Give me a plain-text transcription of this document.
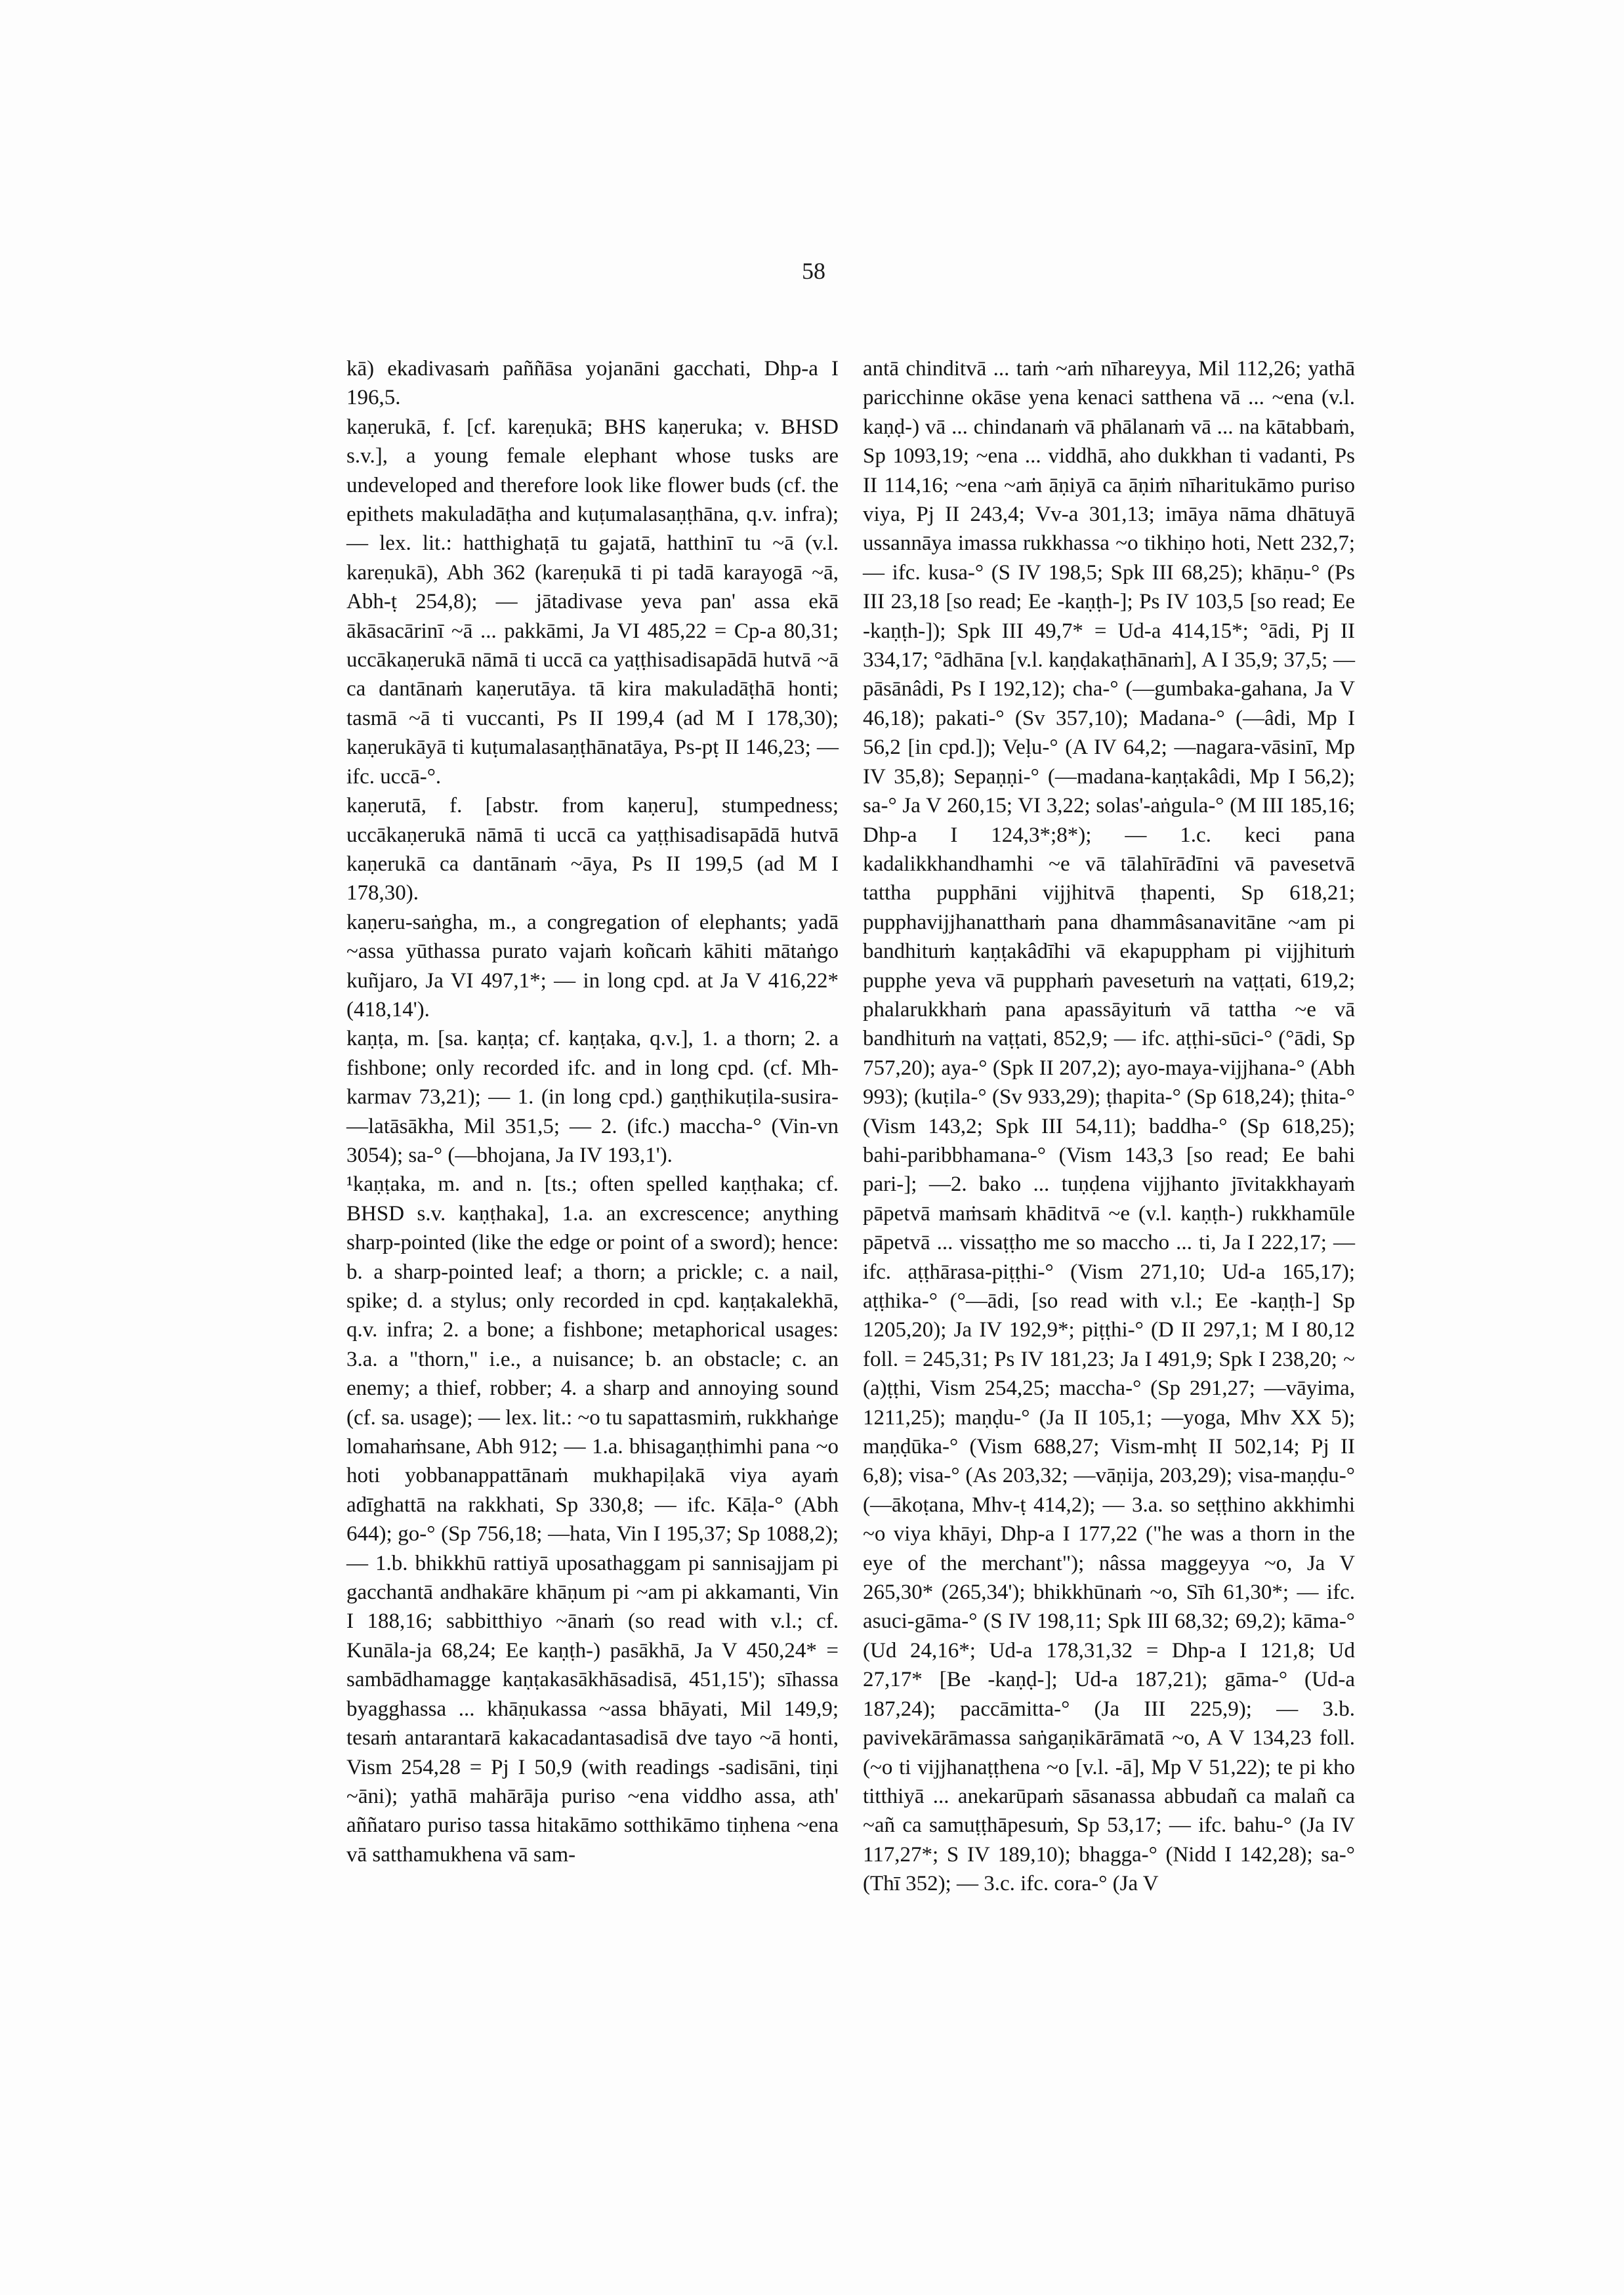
58

kā) ekadivasaṁ paññāsa yojanāni gacchati, Dhp-a I 196,5.

kaṇerukā, f. [cf. kareṇukā; BHS kaṇeruka; v. BHSD s.v.], a young female elephant whose tusks are undeveloped and therefore look like flower buds (cf. the epithets makuladāṭha and kuṭumalasaṇṭhāna, q.v. infra); — lex. lit.: hatthighaṭā tu gajatā, hatthinī tu ~ā (v.l. kareṇukā), Abh 362 (kareṇukā ti pi tadā karayogā ~ā, Abh-ṭ 254,8); — jātadivase yeva pan' assa ekā ākāsacārinī ~ā ... pakkāmi, Ja VI 485,22 = Cp-a 80,31; uccākaṇerukā nāmā ti uccā ca yaṭṭhisadisapādā hutvā ~ā ca dantānaṁ kaṇerutāya. tā kira makuladāṭhā honti; tasmā ~ā ti vuccanti, Ps II 199,4 (ad M I 178,30); kaṇerukāyā ti kuṭumalasaṇṭhānatāya, Ps-pṭ II 146,23; — ifc. uccā-°.

kaṇerutā, f. [abstr. from kaṇeru], stumpedness; uccākaṇerukā nāmā ti uccā ca yaṭṭhisadisapādā hutvā kaṇerukā ca dantānaṁ ~āya, Ps II 199,5 (ad M I 178,30).

kaṇeru-saṅgha, m., a congregation of elephants; yadā ~assa yūthassa purato vajaṁ koñcaṁ kāhiti mātaṅgo kuñjaro, Ja VI 497,1*; — in long cpd. at Ja V 416,22* (418,14').

kaṇṭa, m. [sa. kaṇṭa; cf. kaṇṭaka, q.v.], 1. a thorn; 2. a fishbone; only recorded ifc. and in long cpd. (cf. Mh-karmav 73,21); — 1. (in long cpd.) gaṇṭhikuṭila-susira-—latāsākha, Mil 351,5; — 2. (ifc.) maccha-° (Vin-vn 3054); sa-° (—bhojana, Ja IV 193,1').

¹kaṇṭaka, m. and n. [ts.; often spelled kaṇṭhaka; cf. BHSD s.v. kaṇṭhaka], 1.a. an excrescence; anything sharp-pointed (like the edge or point of a sword); hence: b. a sharp-pointed leaf; a thorn; a prickle; c. a nail, spike; d. a stylus; only recorded in cpd. kaṇṭakalekhā, q.v. infra; 2. a bone; a fishbone; metaphorical usages: 3.a. a "thorn," i.e., a nuisance; b. an obstacle; c. an enemy; a thief, robber; 4. a sharp and annoying sound (cf. sa. usage); — lex. lit.: ~o tu sapattasmiṁ, rukkhaṅge lomahaṁsane, Abh 912; — 1.a. bhisagaṇṭhimhi pana ~o hoti yobbanappattānaṁ mukhapiḷakā viya ayaṁ adīghattā na rakkhati, Sp 330,8; — ifc. Kāḷa-° (Abh 644); go-° (Sp 756,18; —hata, Vin I 195,37; Sp 1088,2); — 1.b. bhikkhū rattiyā uposathaggam pi sannisajjam pi gacchantā andhakāre khāṇum pi ~am pi akkamanti, Vin I 188,16; sabbitthiyo ~ānaṁ (so read with v.l.; cf. Kunāla-ja 68,24; Ee kaṇṭh-) pasākhā, Ja V 450,24* = sambādhamagge kaṇṭakasākhāsadisā, 451,15'); sīhassa byagghassa ... khāṇukassa ~assa bhāyati, Mil 149,9; tesaṁ antarantarā kakacadantasadisā dve tayo ~ā honti, Vism 254,28 = Pj I 50,9 (with readings -sadisāni, tiṇi ~āni); yathā mahārāja puriso ~ena viddho assa, ath' aññataro puriso tassa hitakāmo sotthikāmo tiṇhena ~ena vā satthamukhena vā sam-

antā chinditvā ... taṁ ~aṁ nīhareyya, Mil 112,26; yathā paricchinne okāse yena kenaci satthena vā ... ~ena (v.l. kaṇḍ-) vā ... chindanaṁ vā phālanaṁ vā ... na kātabbaṁ, Sp 1093,19; ~ena ... viddhā, aho dukkhan ti vadanti, Ps II 114,16; ~ena ~aṁ āṇiyā ca āṇiṁ nīharitukāmo puriso viya, Pj II 243,4; Vv-a 301,13; imāya nāma dhātuyā ussannāya imassa rukkhassa ~o tikhiṇo hoti, Nett 232,7; — ifc. kusa-° (S IV 198,5; Spk III 68,25); khāṇu-° (Ps III 23,18 [so read; Ee -kaṇṭh-]; Ps IV 103,5 [so read; Ee -kaṇṭh-]); Spk III 49,7* = Ud-a 414,15*; °ādi, Pj II 334,17; °ādhāna [v.l. kaṇḍakaṭhānaṁ], A I 35,9; 37,5; —pāsānâdi, Ps I 192,12); cha-° (—gumbaka-gahana, Ja V 46,18); pakati-° (Sv 357,10); Madana-° (—âdi, Mp I 56,2 [in cpd.]); Veḷu-° (A IV 64,2; —nagara-vāsinī, Mp IV 35,8); Sepaṇṇi-° (—madana-kaṇṭakâdi, Mp I 56,2); sa-° Ja V 260,15; VI 3,22; solas'-aṅgula-° (M III 185,16; Dhp-a I 124,3*;8*); — 1.c. keci pana kadalikkhandhamhi ~e vā tālahīrādīni vā pavesetvā tattha pupphāni vijjhitvā ṭhapenti, Sp 618,21; pupphavijjhanatthaṁ pana dhammâsanavitāne ~am pi bandhituṁ kaṇṭakâdīhi vā ekapuppham pi vijjhituṁ pupphe yeva vā pupphaṁ pavesetuṁ na vaṭṭati, 619,2; phalarukkhaṁ pana apassāyituṁ vā tattha ~e vā bandhituṁ na vaṭṭati, 852,9; — ifc. aṭṭhi-sūci-° (°ādi, Sp 757,20); aya-° (Spk II 207,2); ayo-maya-vijjhana-° (Abh 993); (kuṭila-° (Sv 933,29); ṭhapita-° (Sp 618,24); ṭhita-° (Vism 143,2; Spk III 54,11); baddha-° (Sp 618,25); bahi-paribbhamana-° (Vism 143,3 [so read; Ee bahi pari-]; —2. bako ... tuṇḍena vijjhanto jīvitakkhayaṁ pāpetvā maṁsaṁ khāditvā ~e (v.l. kaṇṭh-) rukkhamūle pāpetvā ... vissaṭṭho me so maccho ... ti, Ja I 222,17; — ifc. aṭṭhārasa-piṭṭhi-° (Vism 271,10; Ud-a 165,17); aṭṭhika-° (°—ādi, [so read with v.l.; Ee -kaṇṭh-] Sp 1205,20); Ja IV 192,9*; piṭṭhi-° (D II 297,1; M I 80,12 foll. = 245,31; Ps IV 181,23; Ja I 491,9; Spk I 238,20; ~(a)ṭṭhi, Vism 254,25; maccha-° (Sp 291,27; —vāyima, 1211,25); maṇḍu-° (Ja II 105,1; —yoga, Mhv XX 5); maṇḍūka-° (Vism 688,27; Vism-mhṭ II 502,14; Pj II 6,8); visa-° (As 203,32; —vāṇija, 203,29); visa-maṇḍu-° (—ākoṭana, Mhv-ṭ 414,2); — 3.a. so seṭṭhino akkhimhi ~o viya khāyi, Dhp-a I 177,22 ("he was a thorn in the eye of the merchant"); nâssa maggeyya ~o, Ja V 265,30* (265,34'); bhikkhūnaṁ ~o, Sīh 61,30*; — ifc. asuci-gāma-° (S IV 198,11; Spk III 68,32; 69,2); kāma-° (Ud 24,16*; Ud-a 178,31,32 = Dhp-a I 121,8; Ud 27,17* [Be -kaṇḍ-]; Ud-a 187,21); gāma-° (Ud-a 187,24); paccāmitta-° (Ja III 225,9); — 3.b. pavivekārāmassa saṅgaṇikārāmatā ~o, A V 134,23 foll. (~o ti vijjhanaṭṭhena ~o [v.l. -ā], Mp V 51,22); te pi kho titthiyā ... anekarūpaṁ sāsanassa abbudañ ca malañ ca ~añ ca samuṭṭhāpesuṁ, Sp 53,17; — ifc. bahu-° (Ja IV 117,27*; S IV 189,10); bhagga-° (Nidd I 142,28); sa-° (Thī 352); — 3.c. ifc. cora-° (Ja V
